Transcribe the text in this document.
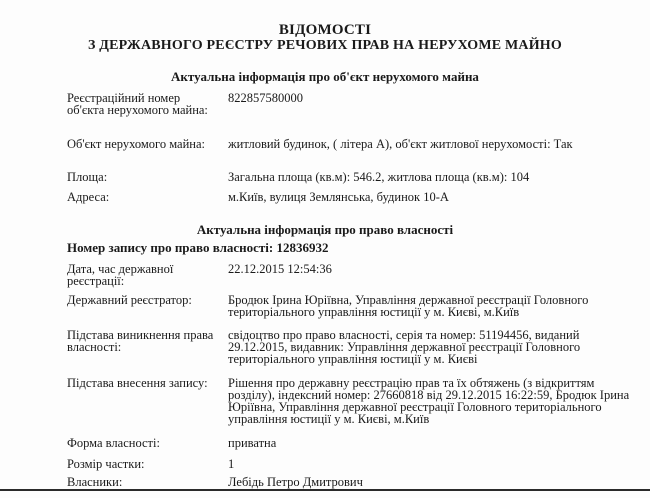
ВІДОМОСТІ
З ДЕРЖАВНОГО РЕЄСТРУ РЕЧОВИХ ПРАВ НА НЕРУХОМЕ МАЙНО
Актуальна інформація про об'єкт нерухомого майна
Реєстраційний номер об'єкта нерухомого майна:
822857580000
Об'єкт нерухомого майна:	житловий будинок, ( літера А), об'єкт житлової нерухомості: Так
Площа:	Загальна площа (кв.м): 546.2, житлова площа (кв.м): 104
Адреса:	м.Київ, вулиця Землянська, будинок 10-А
Актуальна інформація про право власності
Номер запису про право власності: 12836932
Дата, час державної реєстрації:
22.12.2015 12:54:36
Державний реєстратор:	Бродюк Ірина Юріївна, Управління державної реєстрації Головного територіального управління юстиції у м. Києві, м.Київ
Підстава виникнення права власності:
свідоцтво про право власності, серія та номер: 51194456, виданий 29.12.2015, видавник: Управління державної реєстрації Головного територіального управління юстиції у м. Києві
Підстава внесення запису:	Рішення про державну реєстрацію прав та їх обтяжень (з відкриттям розділу), індексний номер: 27660818 від 29.12.2015 16:22:59, Бродюк Ірина Юріївна, Управління державної реєстрації Головного територіального управління юстиції у м. Києві, м.Київ
Форма власності:	приватна
Розмір частки:	1
Власники:	Лебідь Петро Дмитрович
